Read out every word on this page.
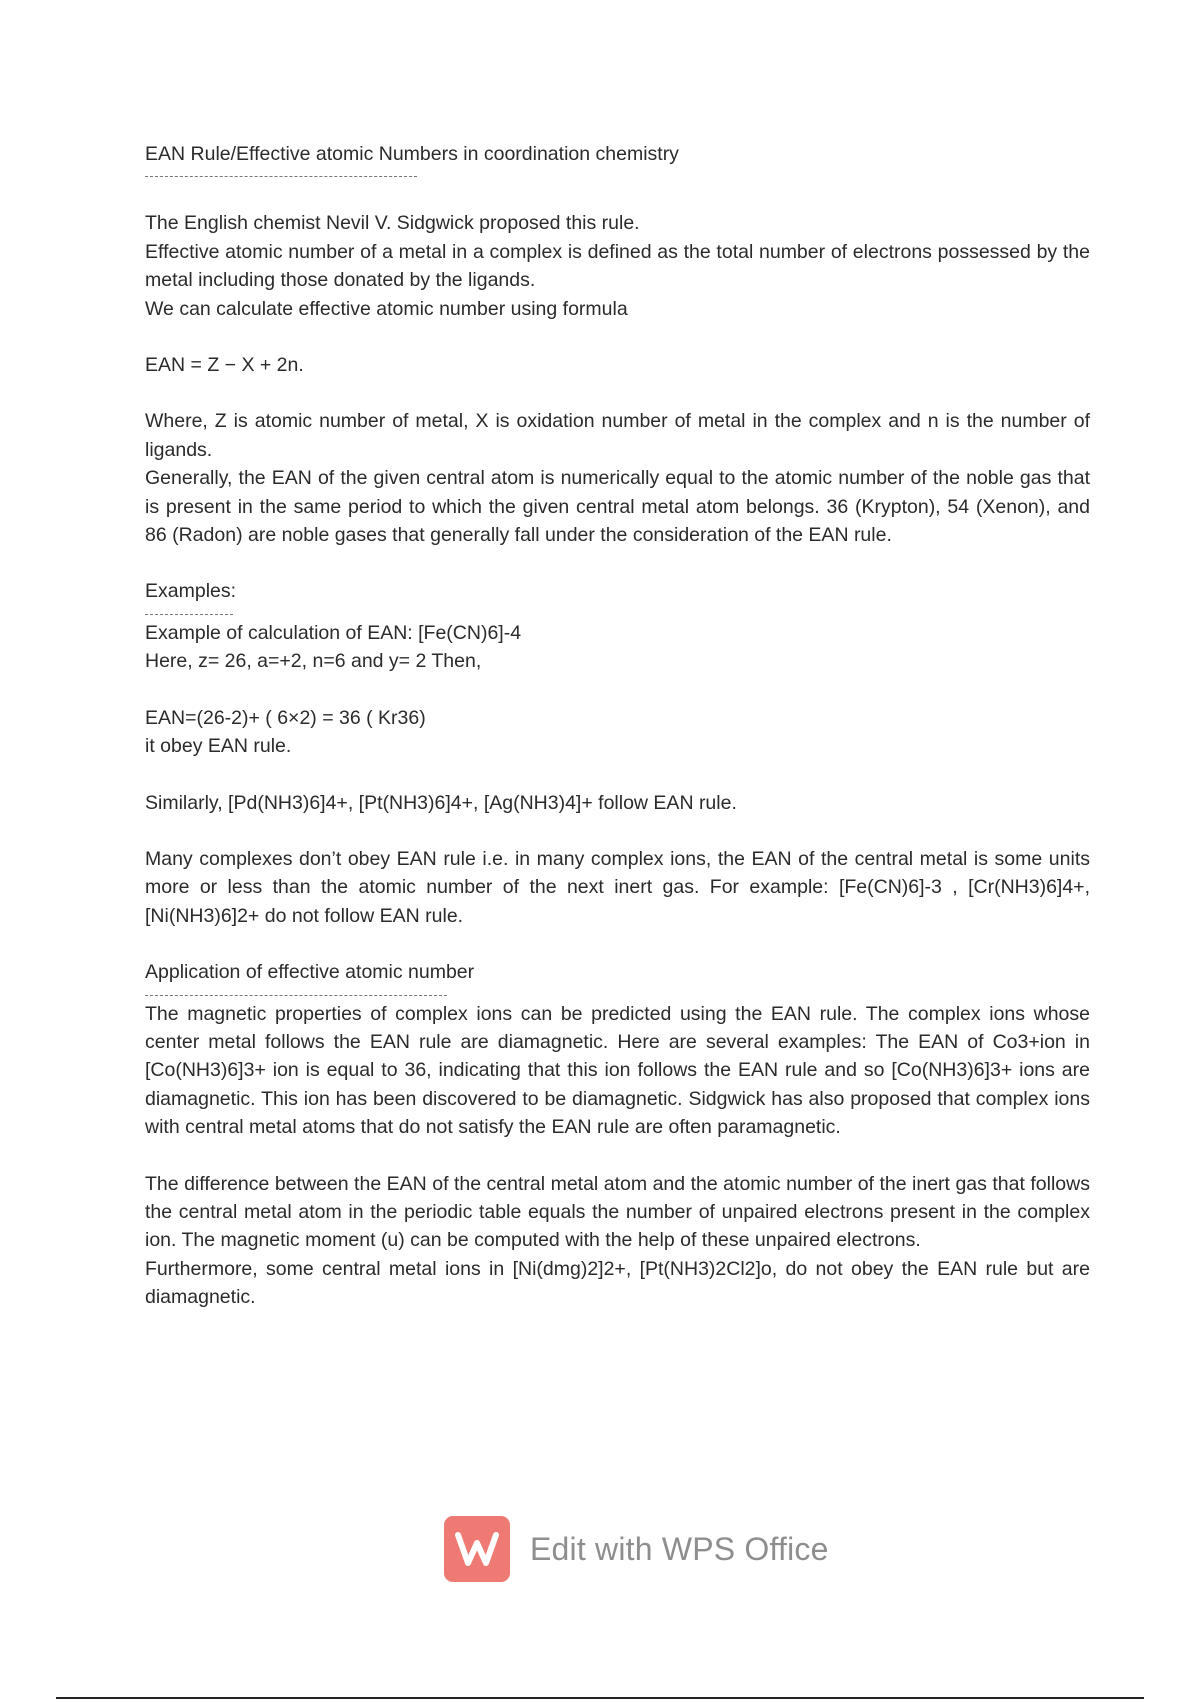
EAN Rule/Effective atomic Numbers in coordination chemistry

The English chemist Nevil V. Sidgwick proposed this rule.

Effective atomic number of a metal in a complex is defined as the total number of electrons possessed by the metal including those donated by the ligands.

We can calculate effective atomic number using formula

EAN = Z − X + 2n.

Where, Z is atomic number of metal, X is oxidation number of metal in the complex and n is the number of ligands.

Generally, the EAN of the given central atom is numerically equal to the atomic number of the noble gas that is present in the same period to which the given central metal atom belongs. 36 (Krypton), 54 (Xenon), and 86 (Radon) are noble gases that generally fall under the consideration of the EAN rule.

Examples:

Example of calculation of EAN: [Fe(CN)6]-4

Here, z= 26, a=+2, n=6 and y= 2 Then,

EAN=(26-2)+ ( 6×2) = 36 ( Kr36)

it obey EAN rule.

Similarly, [Pd(NH3)6]4+, [Pt(NH3)6]4+, [Ag(NH3)4]+ follow EAN rule.

Many complexes don’t obey EAN rule i.e. in many complex ions, the EAN of the central metal is some units more or less than the atomic number of the next inert gas. For example: [Fe(CN)6]-3 , [Cr(NH3)6]4+,[Ni(NH3)6]2+ do not follow EAN rule.

Application of effective atomic number

The magnetic properties of complex ions can be predicted using the EAN rule. The complex ions whose center metal follows the EAN rule are diamagnetic. Here are several examples: The EAN of Co3+ion in [Co(NH3)6]3+ ion is equal to 36, indicating that this ion follows the EAN rule and so [Co(NH3)6]3+ ions are diamagnetic. This ion has been discovered to be diamagnetic. Sidgwick has also proposed that complex ions with central metal atoms that do not satisfy the EAN rule are often paramagnetic.

The difference between the EAN of the central metal atom and the atomic number of the inert gas that follows the central metal atom in the periodic table equals the number of unpaired electrons present in the complex ion. The magnetic moment (u) can be computed with the help of these unpaired electrons.

Furthermore, some central metal ions in [Ni(dmg)2]2+, [Pt(NH3)2Cl2]o, do not obey the EAN rule but are diamagnetic.

Edit with WPS Office
